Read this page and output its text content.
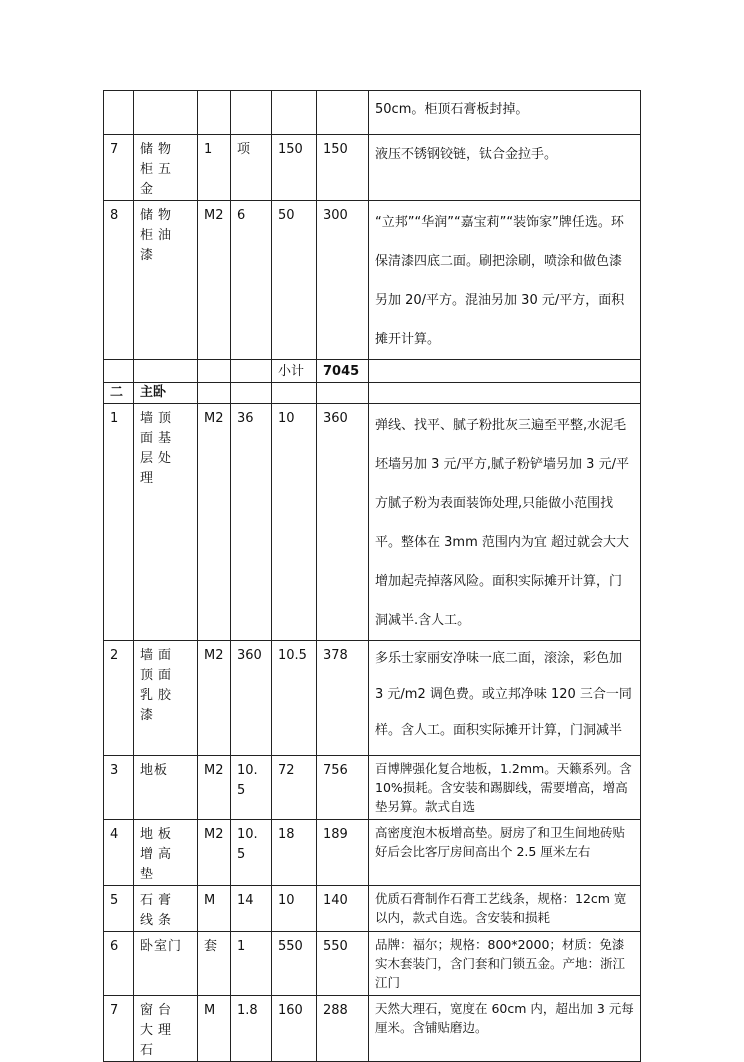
						50cm。柜顶石膏板封掉。
7	储物柜五金	1	项	150	150	液压不锈钢铰链，钛合金拉手。
8	储物柜油漆	M2	6	50	300	“立邦”“华润”“嘉宝莉”“装饰家”牌任选。环保清漆四底二面。刷把涂刷，喷涂和做色漆另加 20/平方。混油另加 30 元/平方，面积摊开计算。
				小计	7045	
二	主卧					
1	墙顶面基层处理	M2	36	10	360	弹线、找平、腻子粉批灰三遍至平整,水泥毛坯墙另加 3 元/平方,腻子粉铲墙另加 3 元/平方腻子粉为表面装饰处理,只能做小范围找平。整体在 3mm 范围内为宜 超过就会大大增加起壳掉落风险。面积实际摊开计算，门洞减半.含人工。
2	墙面顶面乳胶漆	M2	360	10.5	378	多乐士家丽安净味一底二面，滚涂，彩色加 3 元/m2 调色费。或立邦净味 120 三合一同样。含人工。面积实际摊开计算，门洞减半
3	地板	M2	10.5	72	756	百博牌强化复合地板，1.2mm。天籁系列。含 10%损耗。含安装和踢脚线，需要增高，增高垫另算。款式自选
4	地板增高垫	M2	10.5	18	189	高密度泡木板增高垫。厨房了和卫生间地砖贴好后会比客厅房间高出个 2.5 厘米左右
5	石膏线条	M	14	10	140	优质石膏制作石膏工艺线条，规格：12cm 宽以内，款式自选。含安装和损耗
6	卧室门	套	1	550	550	品牌：福尔；规格：800*2000；材质：免漆实木套装门，含门套和门锁五金。产地：浙江江门
7	窗台大理石	M	1.8	160	288	天然大理石，宽度在 60cm 内，超出加 3 元每厘米。含铺贴磨边。
